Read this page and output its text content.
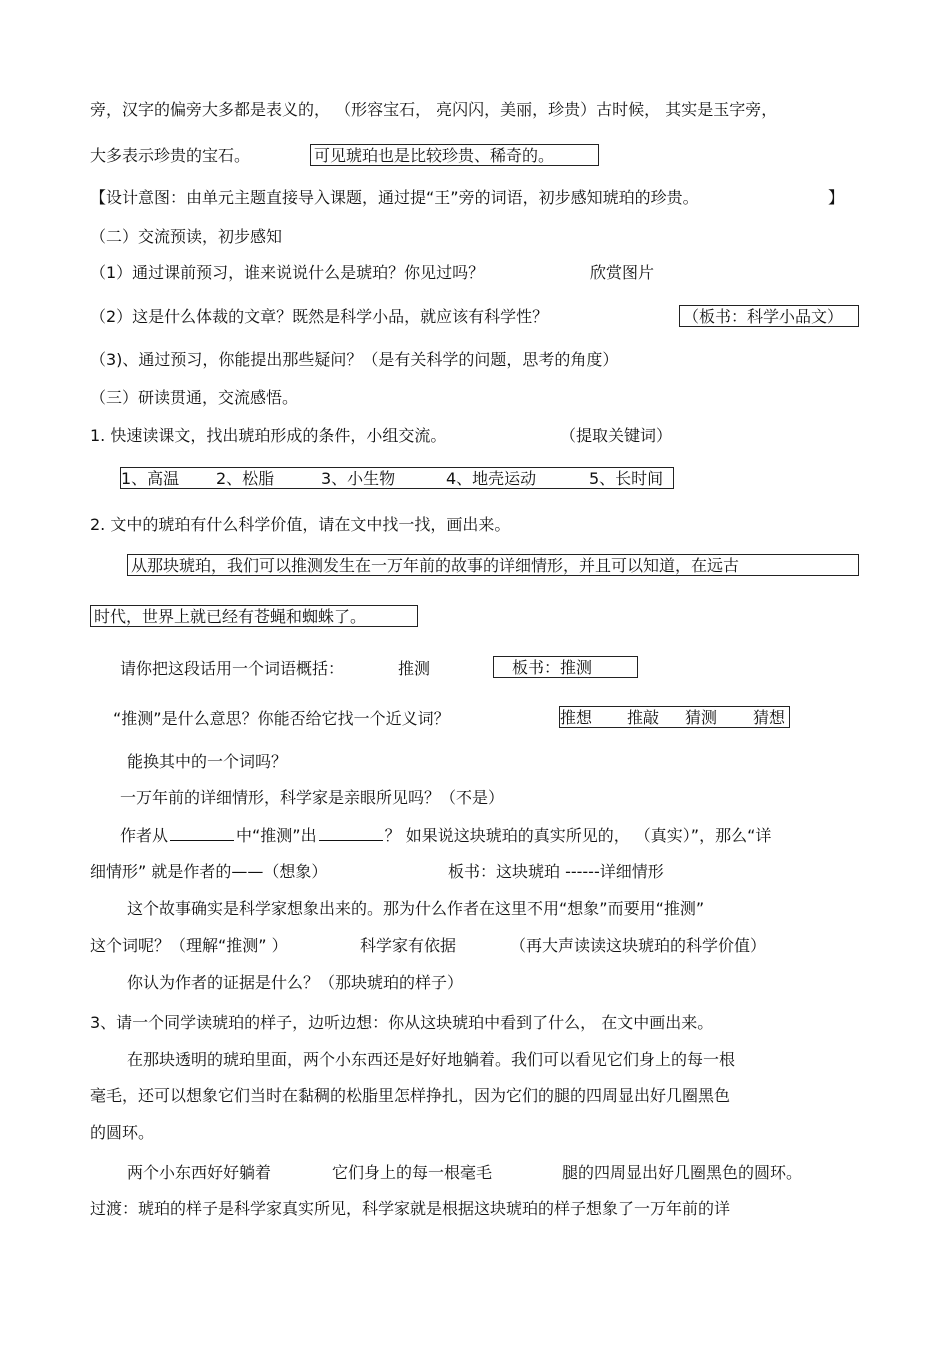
旁，汉字的偏旁大多都是表义的， （形容宝石， 亮闪闪，美丽，珍贵）古时候， 其实是玉字旁，
大多表示珍贵的宝石。	可见琥珀也是比较珍贵、稀奇的。
【设计意图：由单元主题直接导入课题，通过提“王”旁的词语，初步感知琥珀的珍贵。	】
（二）交流预读，初步感知
（1）通过课前预习，谁来说说什么是琥珀？你见过吗？	欣赏图片
（2）这是什么体裁的文章？既然是科学小品，就应该有科学性？	（板书：科学小品文）
（3)、通过预习，你能提出那些疑问？（是有关科学的问题，思考的角度）
（三）研读贯通，交流感悟。
1. 快速读课文，找出琥珀形成的条件，小组交流。	（提取关键词）
1、高温 2、松脂	3、小生物	4、地壳运动	5、长时间
2. 文中的琥珀有什么科学价值，请在文中找一找，画出来。
从那块琥珀，我们可以推测发生在一万年前的故事的详细情形，并且可以知道，在远古
时代，世界上就已经有苍蝇和蜘蛛了。
请你把这段话用一个词语概括：	推测	板书：推测
“推测”是什么意思？你能否给它找一个近义词？	推想 推敲 猜测 猜想
能换其中的一个词吗？
一万年前的详细情形，科学家是亲眼所见吗？（不是）
作者从	中“推测”出	？ 如果说这块琥珀的真实所见的， （真实）”，那么“详
细情形” 就是作者的——（想象）	板书：这块琥珀 ------详细情形
这个故事确实是科学家想象出来的。那为什么作者在这里不用“想象”而要用“推测”
这个词呢？（理解“推测” ）	科学家有依据	（再大声读读这块琥珀的科学价值）
你认为作者的证据是什么？（那块琥珀的样子）
3、请一个同学读琥珀的样子，边听边想：你从这块琥珀中看到了什么， 在文中画出来。
在那块透明的琥珀里面，两个小东西还是好好地躺着。我们可以看见它们身上的每一根
毫毛，还可以想象它们当时在黏稠的松脂里怎样挣扎，因为它们的腿的四周显出好几圈黑色
的圆环。
两个小东西好好躺着	它们身上的每一根毫毛	腿的四周显出好几圈黑色的圆环。
过渡：琥珀的样子是科学家真实所见，科学家就是根据这块琥珀的样子想象了一万年前的详
